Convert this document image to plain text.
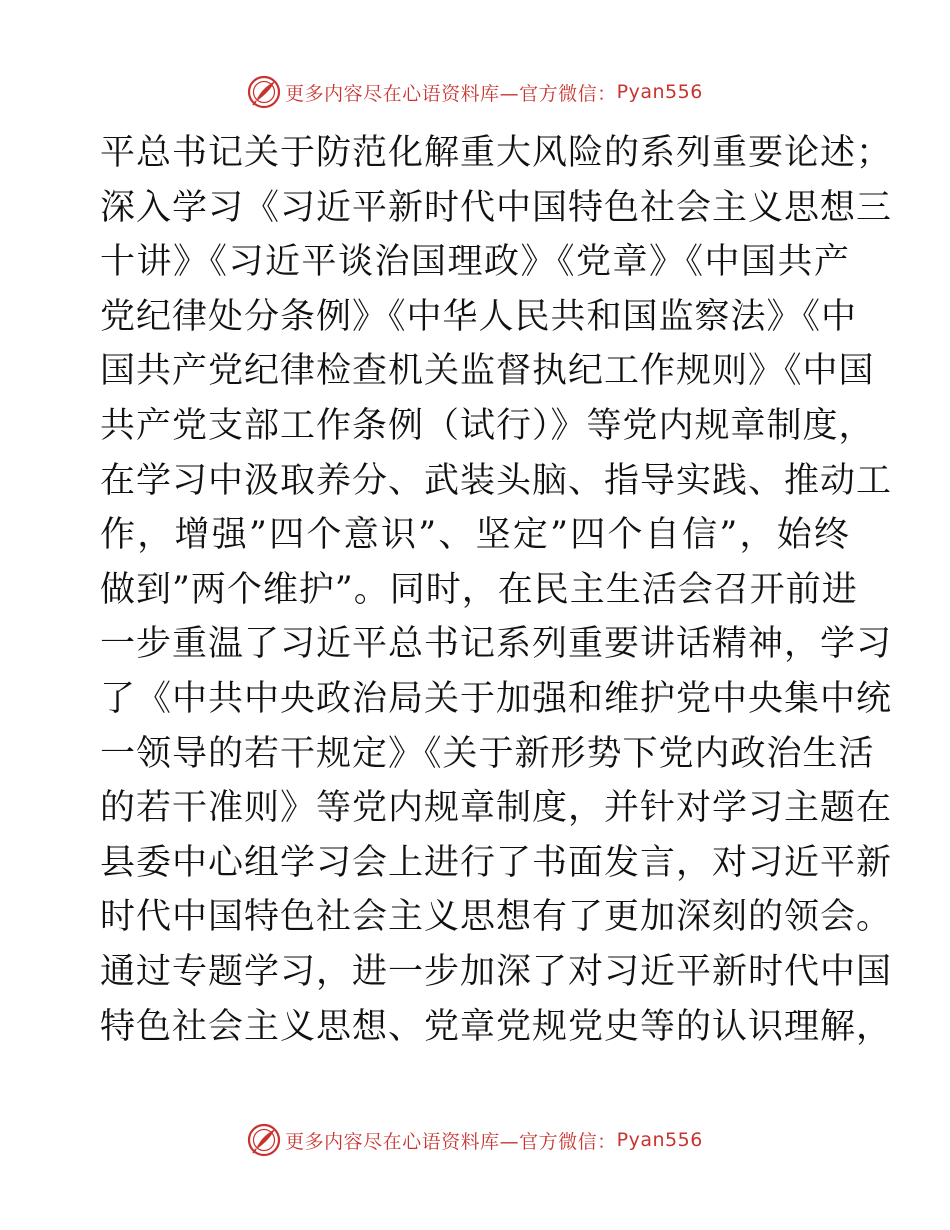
更多内容尽在心语资料库—官方微信： Pyan556
平总书记关于防范化解重大风险的系列重要论述；
深入学习《习近平新时代中国特色社会主义思想三
十讲》《习近平谈治国理政》《党章》《中国共产
党纪律处分条例》《中华人民共和国监察法》《中
国共产党纪律检查机关监督执纪工作规则》《中国
共产党支部工作条例（试行）》等党内规章制度，
在学习中汲取养分、武装头脑、指导实践、推动工
作，增强”四个意识”、坚定”四个自信”，始终
做到”两个维护”。同时，在民主生活会召开前进
一步重温了习近平总书记系列重要讲话精神，学习
了《中共中央政治局关于加强和维护党中央集中统
一领导的若干规定》《关于新形势下党内政治生活
的若干准则》等党内规章制度，并针对学习主题在
县委中心组学习会上进行了书面发言，对习近平新
时代中国特色社会主义思想有了更加深刻的领会。
通过专题学习，进一步加深了对习近平新时代中国
特色社会主义思想、党章党规党史等的认识理解，
更多内容尽在心语资料库—官方微信： Pyan556
